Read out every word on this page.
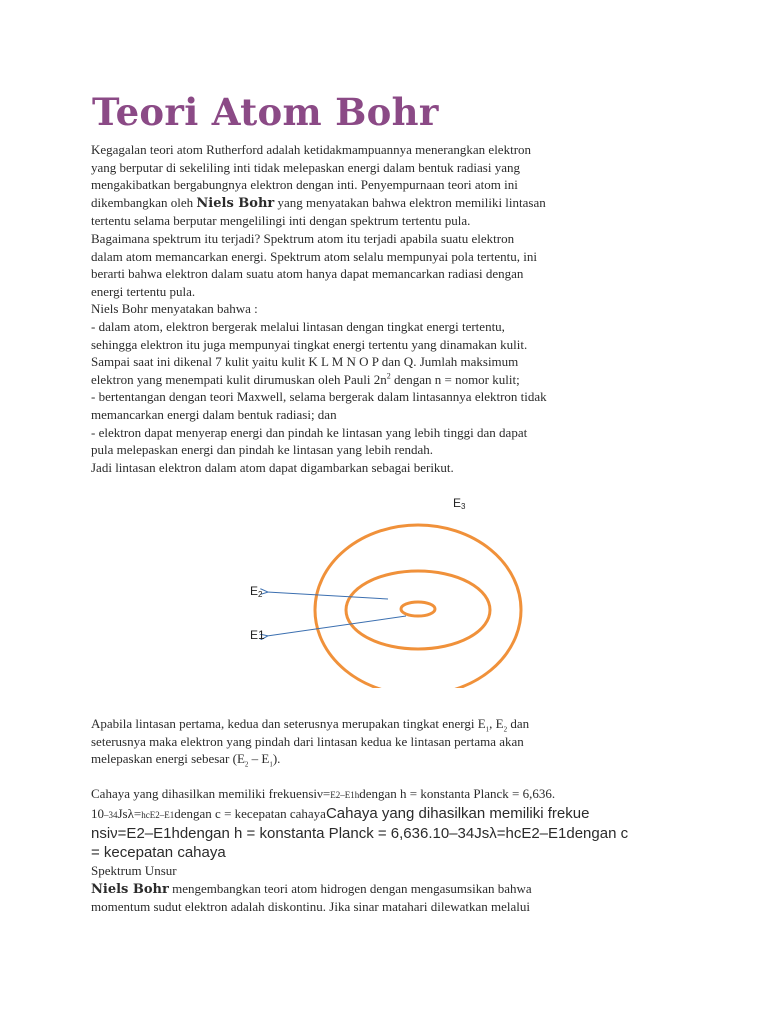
Teori Atom Bohr
Kegagalan teori atom Rutherford adalah ketidakmampuannya menerangkan elektron
yang berputar di sekeliling inti tidak melepaskan energi dalam bentuk radiasi yang
mengakibatkan bergabungnya elektron dengan inti. Penyempurnaan teori atom ini
dikembangkan oleh Niels Bohr yang menyatakan bahwa elektron memiliki lintasan
tertentu selama berputar mengelilingi inti dengan spektrum tertentu pula.
Bagaimana spektrum itu terjadi? Spektrum atom itu terjadi apabila suatu elektron
dalam atom memancarkan energi. Spektrum atom selalu mempunyai pola tertentu, ini
berarti bahwa elektron dalam suatu atom hanya dapat memancarkan radiasi dengan
energi tertentu pula.
Niels Bohr menyatakan bahwa :
- dalam atom, elektron bergerak melalui lintasan dengan tingkat energi tertentu,
sehingga elektron itu juga mempunyai tingkat energi tertentu yang dinamakan kulit.
Sampai saat ini dikenal 7 kulit yaitu kulit K L M N O P dan Q. Jumlah maksimum
elektron yang menempati kulit dirumuskan oleh Pauli $2n^2$ dengan n = nomor kulit;
- bertentangan dengan teori Maxwell, selama bergerak dalam lintasannya elektron tidak
memancarkan energi dalam bentuk radiasi; dan
- elektron dapat menyerap energi dan pindah ke lintasan yang lebih tinggi dan dapat
pula melepaskan energi dan pindah ke lintasan yang lebih rendah.
Jadi lintasan elektron dalam atom dapat digambarkan sebagai berikut.
E3
E2
E1
Apabila lintasan pertama, kedua dan seterusnya merupakan tingkat energi $E_1$, $E_2$ dan
seterusnya maka elektron yang pindah dari lintasan kedua ke lintasan pertama akan
melepaskan energi sebesar $(E_2 - E_1)$.
Cahaya yang dihasilkan memiliki frekuensiν=E2–E1hdengan h = konstanta Planck = 6,636.
10–34Jsλ=hcE2–E1dengan c = kecepatan cahayaCahaya yang dihasilkan memiliki frekue
nsiν=E2–E1hdengan h = konstanta Planck = 6,636.10–34Jsλ=hcE2–E1dengan c
= kecepatan cahaya
Spektrum Unsur
Niels Bohr mengembangkan teori atom hidrogen dengan mengasumsikan bahwa
momentum sudut elektron adalah diskontinu. Jika sinar matahari dilewatkan melalui
